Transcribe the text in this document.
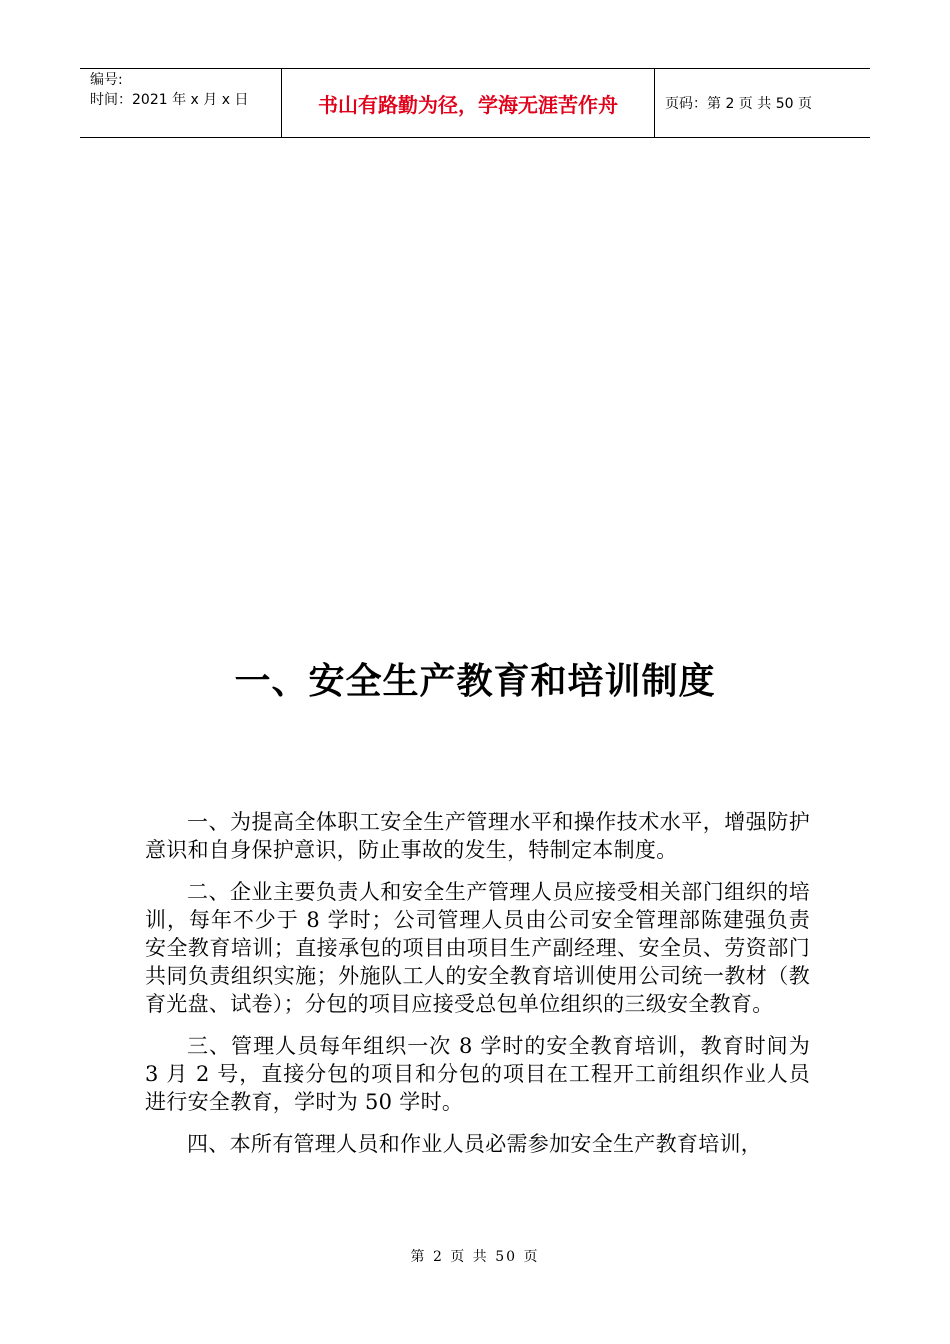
编号:
时间：2021 年 x 月 x 日	书山有路勤为径，学海无涯苦作舟	页码：第 2 页 共 50 页
一、安全生产教育和培训制度

一、为提高全体职工安全生产管理水平和操作技术水平，增强防护意识和自身保护意识，防止事故的发生，特制定本制度。

二、企业主要负责人和安全生产管理人员应接受相关部门组织的培训，每年不少于 8 学时；公司管理人员由公司安全管理部陈建强负责安全教育培训；直接承包的项目由项目生产副经理、安全员、劳资部门共同负责组织实施；外施队工人的安全教育培训使用公司统一教材（教育光盘、试卷）；分包的项目应接受总包单位组织的三级安全教育。

三、管理人员每年组织一次 8 学时的安全教育培训，教育时间为 3 月 2 号，直接分包的项目和分包的项目在工程开工前组织作业人员进行安全教育，学时为 50 学时。

四、本所有管理人员和作业人员必需参加安全生产教育培训，

第 2 页 共 50 页
